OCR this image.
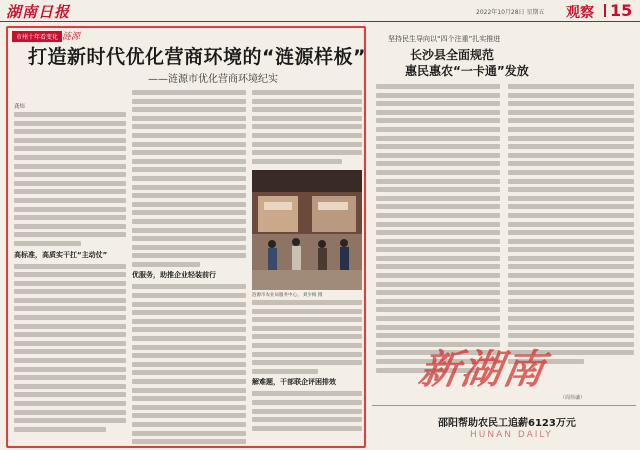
湖南日报	2022年10月28日 星期五 观察 15
市州十年看变化 涟源
打造新时代优化营商环境的“涟源样板”
——涟源市优化营商环境纪实
龚炜
高标准，高质实干扛“主动仗”
优服务，助推企业轻装前行
涟源市农业局服务中心。 刘少梅 摄
解难题，干部联企评困排效
坚持民生导向以“四个注重”扎实推进
长沙县全面规范
惠民惠农“一卡通”发放
（周伟谦）
新湖南
HUNAN DAILY
邵阳帮助农民工追薪6123万元
